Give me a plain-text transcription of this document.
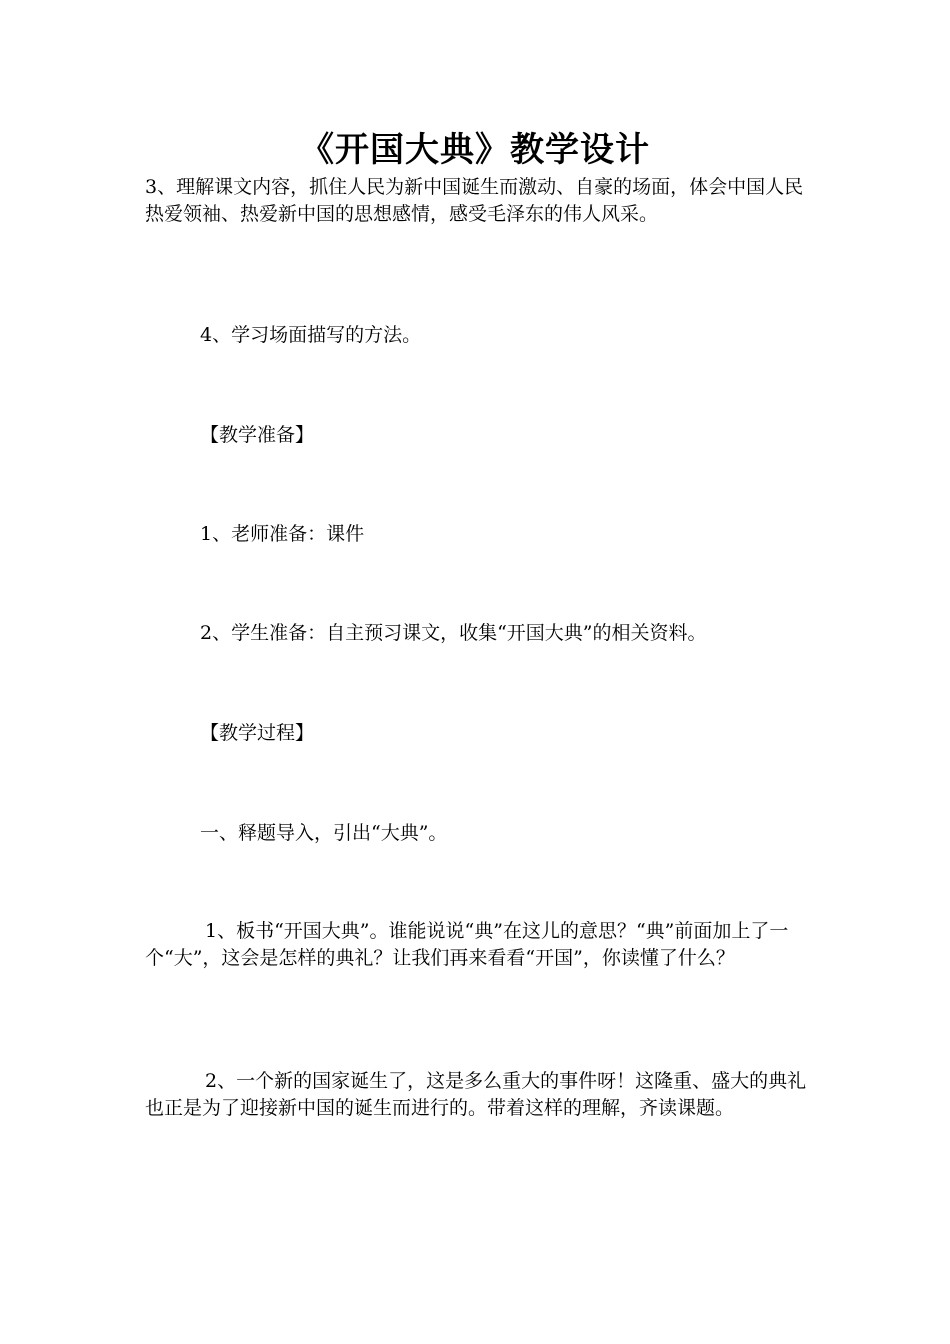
《开国大典》教学设计

3、理解课文内容，抓住人民为新中国诞生而激动、自豪的场面，体会中国人民热爱领袖、热爱新中国的思想感情，感受毛泽东的伟人风采。

4、学习场面描写的方法。

【教学准备】

1、老师准备：课件

2、学生准备：自主预习课文，收集“开国大典”的相关资料。

【教学过程】

一、释题导入，引出“大典”。

1、板书“开国大典”。谁能说说“典”在这儿的意思？“典”前面加上了一个“大”，这会是怎样的典礼？让我们再来看看“开国”，你读懂了什么？

2、一个新的国家诞生了，这是多么重大的事件呀！这隆重、盛大的典礼也正是为了迎接新中国的诞生而进行的。带着这样的理解，齐读课题。
